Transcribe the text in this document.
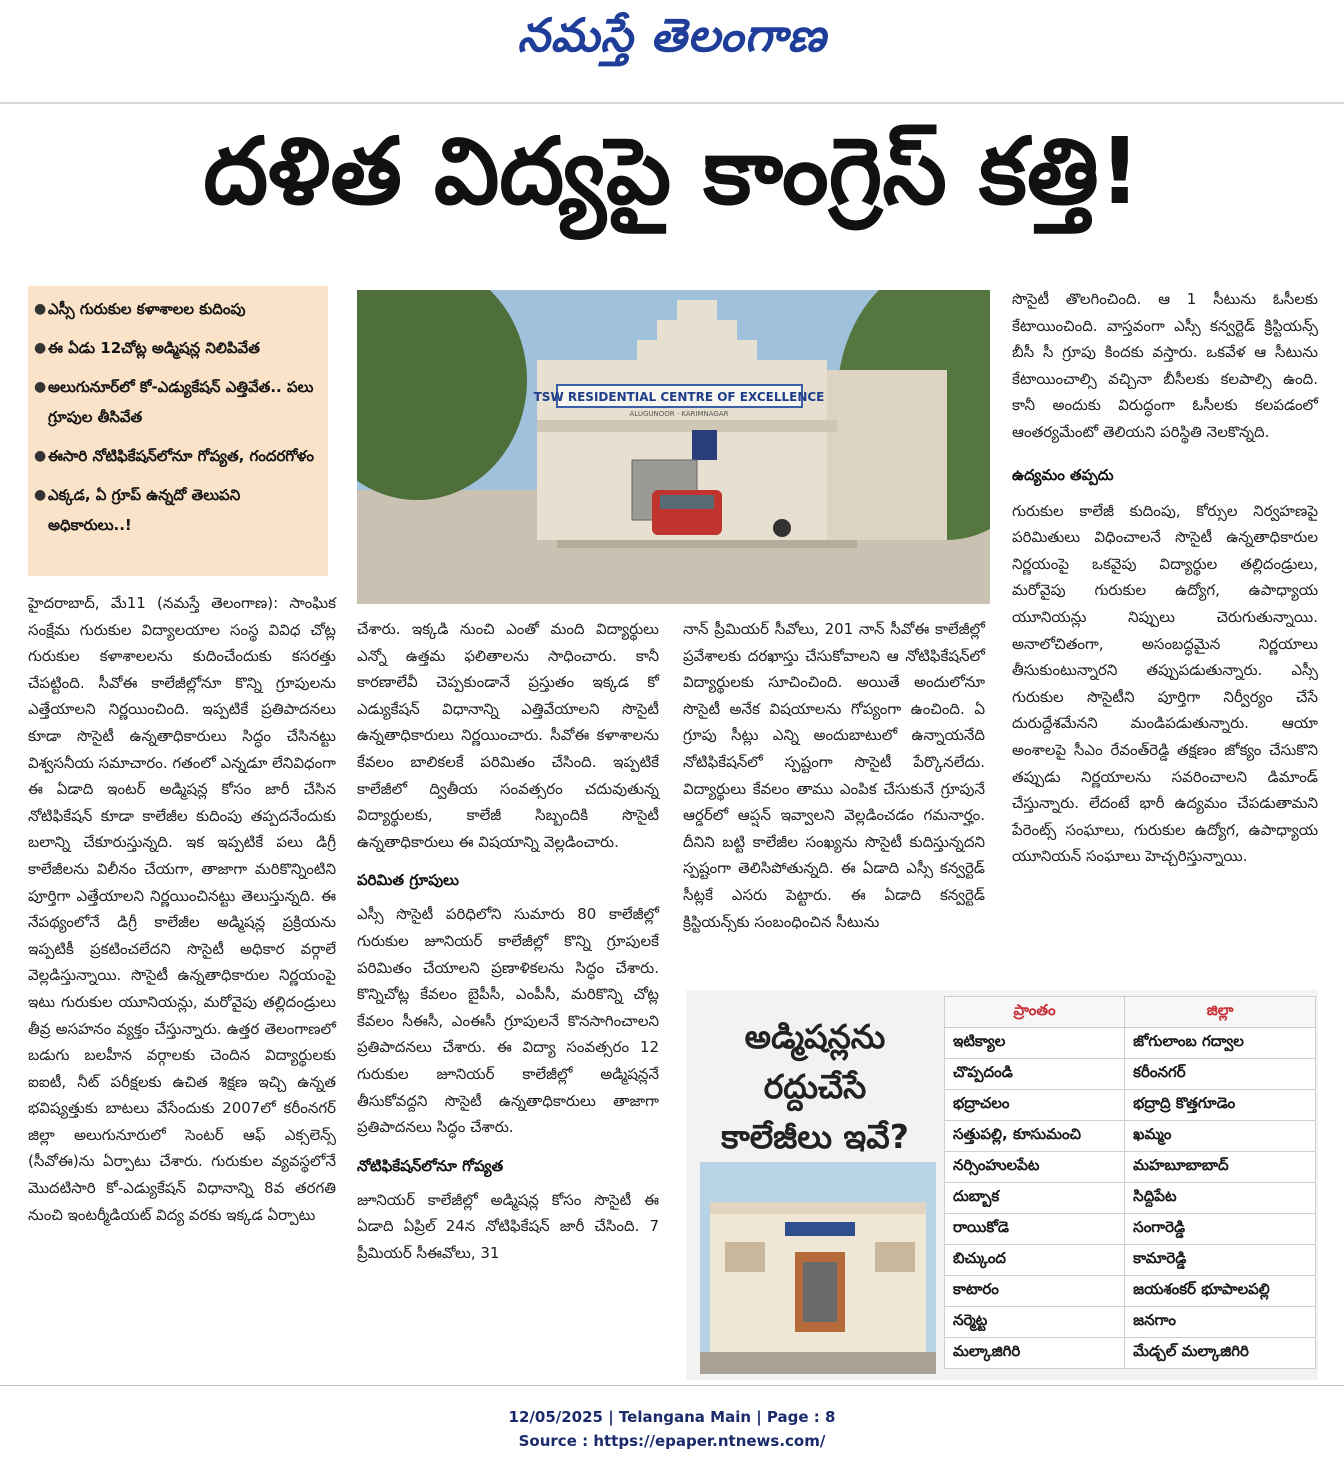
నమస్తే తెలంగాణ
దళిత విద్యపై కాంగ్రెస్ కత్తి!
● ఎస్సీ గురుకుల కళాశాలల కుదింపు
● ఈ ఏడు 12చోట్ల అడ్మిషన్ల నిలిపివేత
● అలుగునూర్‌లో కో-ఎడ్యుకేషన్ ఎత్తివేత.. పలు గ్రూపుల తీసివేత
● ఈసారి నోటిఫికేషన్‌లోనూ గోప్యత, గందరగోళం
● ఎక్కడ, ఏ గ్రూప్ ఉన్నదో తెలుపని అధికారులు..!
TSW RESIDENTIAL CENTRE OF EXCELLENCE
ALUGUNOOR · KARIMNAGAR
హైదరాబాద్, మే11 (నమస్తే తెలంగాణ): సాంఘిక సంక్షేమ గురుకుల విద్యాలయాల సంస్థ వివిధ చోట్ల గురుకుల కళాశాలలను కుదించేందుకు కసరత్తు చేపట్టింది. సీవోఈ కాలేజీల్లోనూ కొన్ని గ్రూపులను ఎత్తేయాలని నిర్ణయించింది. ఇప్పటికే ప్రతిపాదనలు కూడా సొసైటీ ఉన్నతాధికారులు సిద్ధం చేసినట్టు విశ్వసనీయ సమాచారం. గతంలో ఎన్నడూ లేనివిధంగా ఈ ఏడాది ఇంటర్ అడ్మిషన్ల కోసం జారీ చేసిన నోటిఫికేషన్ కూడా కాలేజీల కుదింపు తప్పదనేందుకు బలాన్ని చేకూరుస్తున్నది. ఇక ఇప్పటికే పలు డిగ్రీ కాలేజీలను విలీనం చేయగా, తాజాగా మరికొన్నింటిని పూర్తిగా ఎత్తేయాలని నిర్ణయించినట్టు తెలుస్తున్నది. ఈ నేపథ్యంలోనే డిగ్రీ కాలేజీల అడ్మిషన్ల ప్రక్రియను ఇప్పటికీ ప్రకటించలేదని సొసైటీ అధికార వర్గాలే వెల్లడిస్తున్నాయి. సొసైటీ ఉన్నతాధికారుల నిర్ణయంపై ఇటు గురుకుల యూనియన్లు, మరోవైపు తల్లిదండ్రులు తీవ్ర అసహనం వ్యక్తం చేస్తున్నారు. ఉత్తర తెలంగాణలో బడుగు బలహీన వర్గాలకు చెందిన విద్యార్థులకు ఐఐటీ, నీట్ పరీక్షలకు ఉచిత శిక్షణ ఇచ్చి ఉన్నత భవిష్యత్తుకు బాటలు వేసేందుకు 2007లో కరీంనగర్ జిల్లా అలుగునూరులో సెంటర్ ఆఫ్ ఎక్సలెన్స్ (సీవోఈ)ను ఏర్పాటు చేశారు. గురుకుల వ్యవస్థలోనే మొదటిసారి కో-ఎడ్యుకేషన్ విధానాన్ని 8వ తరగతి నుంచి ఇంటర్మీడియట్ విద్య వరకు ఇక్కడ ఏర్పాటు
చేశారు. ఇక్కడి నుంచి ఎంతో మంది విద్యార్థులు ఎన్నో ఉత్తమ ఫలితాలను సాధించారు. కానీ కారణాలేవీ చెప్పకుండానే ప్రస్తుతం ఇక్కడ కో ఎడ్యుకేషన్ విధానాన్ని ఎత్తివేయాలని సొసైటీ ఉన్నతాధికారులు నిర్ణయించారు. సీవోఈ కళాశాలను కేవలం బాలికలకే పరిమితం చేసింది. ఇప్పటికే కాలేజీలో ద్వితీయ సంవత్సరం చదువుతున్న విద్యార్థులకు, కాలేజీ సిబ్బందికి సొసైటీ ఉన్నతాధికారులు ఈ విషయాన్ని వెల్లడించారు.
పరిమిత గ్రూపులు
ఎస్సీ సొసైటీ పరిధిలోని సుమారు 80 కాలేజీల్లో గురుకుల జూనియర్ కాలేజీల్లో కొన్ని గ్రూపులకే పరిమితం చేయాలని ప్రణాళికలను సిద్ధం చేశారు. కొన్నిచోట్ల కేవలం బైపీసీ, ఎంపీసీ, మరికొన్ని చోట్ల కేవలం సీఈసీ, ఎంఈసీ గ్రూపులనే కొనసాగించాలని ప్రతిపాదనలు చేశారు. ఈ విద్యా సంవత్సరం 12 గురుకుల జూనియర్ కాలేజీల్లో అడ్మిషన్లనే తీసుకోవద్దని సొసైటీ ఉన్నతాధికారులు తాజాగా ప్రతిపాదనలు సిద్ధం చేశారు.
నోటిఫికేషన్‌లోనూ గోప్యత
జూనియర్ కాలేజీల్లో అడ్మిషన్ల కోసం సొసైటీ ఈ ఏడాది ఏప్రిల్ 24న నోటిఫికేషన్ జారీ చేసింది. 7 ప్రీమియర్ సీఈవోలు, 31
నాన్ ప్రీమియర్ సీవోలు, 201 నాన్ సీవోఈ కాలేజీల్లో ప్రవేశాలకు దరఖాస్తు చేసుకోవాలని ఆ నోటిఫికేషన్‌లో విద్యార్థులకు సూచించింది. అయితే అందులోనూ సొసైటీ అనేక విషయాలను గోప్యంగా ఉంచింది. ఏ గ్రూపు సీట్లు ఎన్ని అందుబాటులో ఉన్నాయనేది నోటిఫికేషన్‌లో స్పష్టంగా సొసైటీ పేర్కొనలేదు. విద్యార్థులు కేవలం తాము ఎంపిక చేసుకునే గ్రూపునే ఆర్డర్‌లో ఆప్షన్ ఇవ్వాలని వెల్లడించడం గమనార్హం. దీనిని బట్టి కాలేజీల సంఖ్యను సొసైటీ కుదిస్తున్నదని స్పష్టంగా తెలిసిపోతున్నది. ఈ ఏడాది ఎస్సీ కన్వర్టెడ్ సీట్లకే ఎసరు పెట్టారు. ఈ ఏడాది కన్వర్టెడ్ క్రిస్టియన్స్‌కు సంబంధించిన సీటును
సొసైటీ తొలగించింది. ఆ 1 సీటును ఓసీలకు కేటాయించింది. వాస్తవంగా ఎస్సీ కన్వర్టెడ్ క్రిస్టియన్స్ బీసీ సీ గ్రూపు కిందకు వస్తారు. ఒకవేళ ఆ సీటును కేటాయించాల్సి వచ్చినా బీసీలకు కలపాల్సి ఉంది. కానీ అందుకు విరుద్ధంగా ఓసీలకు కలపడంలో ఆంతర్యమేంటో తెలియని పరిస్థితి నెలకొన్నది.
ఉద్యమం తప్పదు
గురుకుల కాలేజీ కుదింపు, కోర్సుల నిర్వహణపై పరిమితులు విధించాలనే సొసైటీ ఉన్నతాధికారుల నిర్ణయంపై ఒకవైపు విద్యార్థుల తల్లిదండ్రులు, మరోవైపు గురుకుల ఉద్యోగ, ఉపాధ్యాయ యూనియన్లు నిప్పులు చెరుగుతున్నాయి. అనాలోచితంగా, అసంబద్ధమైన నిర్ణయాలు తీసుకుంటున్నారని తప్పుపడుతున్నారు. ఎస్సీ గురుకుల సొసైటీని పూర్తిగా నిర్వీర్యం చేసే దురుద్దేశమేనని మండిపడుతున్నారు. ఆయా అంశాలపై సీఎం రేవంత్‌రెడ్డి తక్షణం జోక్యం చేసుకొని తప్పుడు నిర్ణయాలను సవరించాలని డిమాండ్ చేస్తున్నారు. లేదంటే భారీ ఉద్యమం చేపడుతామని పేరెంట్స్ సంఘాలు, గురుకుల ఉద్యోగ, ఉపాధ్యాయ యూనియన్ సంఘాలు హెచ్చరిస్తున్నాయి.
అడ్మిషన్లను
రద్దుచేసే
కాలేజీలు ఇవే?
ప్రాంతం	జిల్లా
ఇటిక్యాల	జోగులాంబ గద్వాల
చొప్పదండి	కరీంనగర్
భద్రాచలం	భద్రాద్రి కొత్తగూడెం
సత్తుపల్లి, కూసుమంచి	ఖమ్మం
నర్సింహులపేట	మహబూబాబాద్
దుబ్బాక	సిద్దిపేట
రాయికోడె	సంగారెడ్డి
బిచ్కుంద	కామారెడ్డి
కాటారం	జయశంకర్ భూపాలపల్లి
నర్మెట్ట	జనగాం
మల్కాజిగిరి	మేడ్చల్ మల్కాజిగిరి
12/05/2025 | Telangana Main | Page : 8
Source : https://epaper.ntnews.com/
